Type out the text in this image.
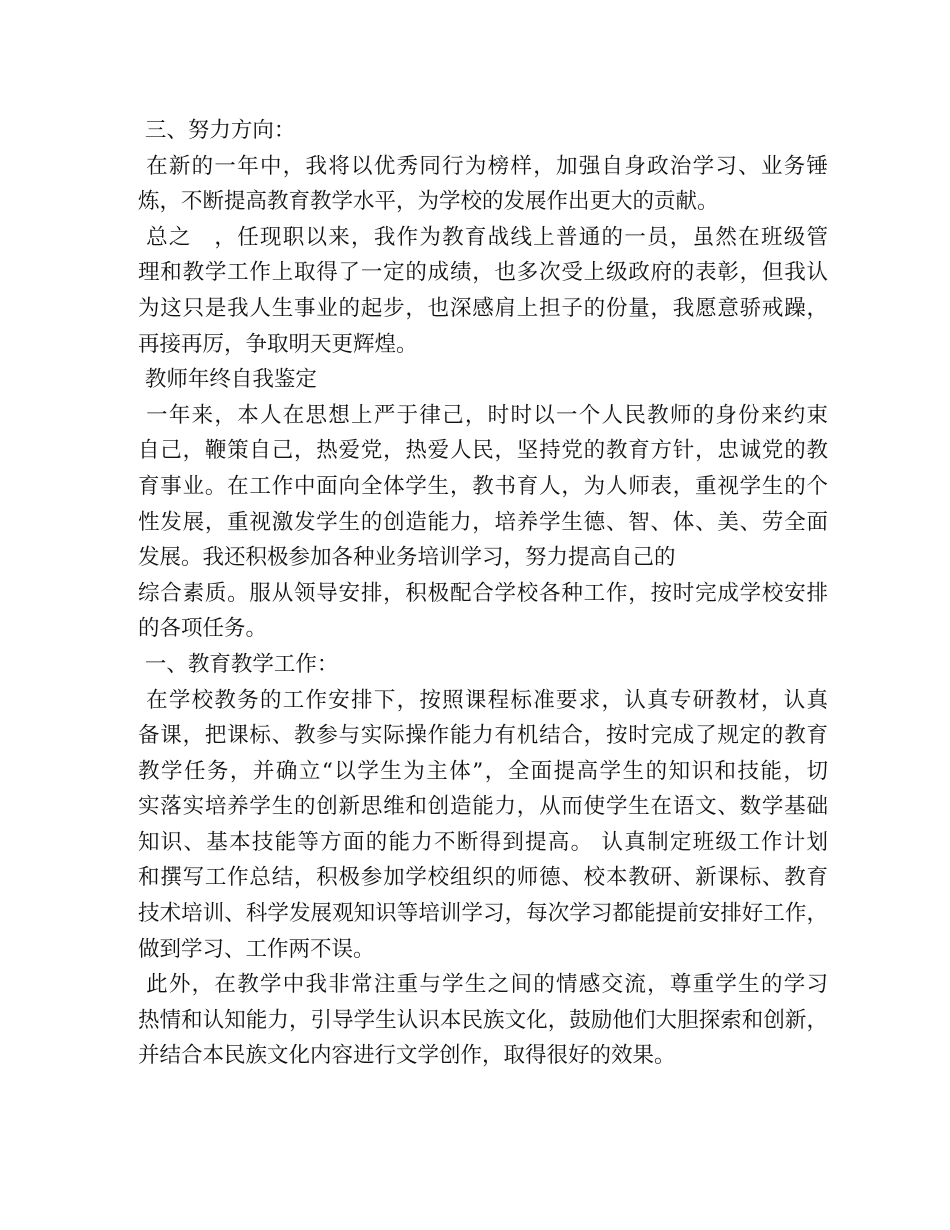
三、努力方向：
在新的一年中，我将以优秀同行为榜样，加强自身政治学习、业务锤
炼，不断提高教育教学水平，为学校的发展作出更大的贡献。
总之　，任现职以来，我作为教育战线上普通的一员，虽然在班级管
理和教学工作上取得了一定的成绩，也多次受上级政府的表彰，但我认
为这只是我人生事业的起步，也深感肩上担子的份量，我愿意骄戒躁，
再接再厉，争取明天更辉煌。
教师年终自我鉴定
一年来，本人在思想上严于律己，时时以一个人民教师的身份来约束
自己，鞭策自己，热爱党，热爱人民，坚持党的教育方针，忠诚党的教
育事业。在工作中面向全体学生，教书育人，为人师表，重视学生的个
性发展，重视激发学生的创造能力，培养学生德、智、体、美、劳全面
发展。我还积极参加各种业务培训学习，努力提高自己的
综合素质。服从领导安排，积极配合学校各种工作，按时完成学校安排
的各项任务。
一、教育教学工作：
在学校教务的工作安排下，按照课程标准要求，认真专研教材，认真
备课，把课标、教参与实际操作能力有机结合，按时完成了规定的教育
教学任务，并确立“以学生为主体”，全面提高学生的知识和技能，切
实落实培养学生的创新思维和创造能力，从而使学生在语文、数学基础
知识、基本技能等方面的能力不断得到提高。 认真制定班级工作计划
和撰写工作总结，积极参加学校组织的师德、校本教研、新课标、教育
技术培训、科学发展观知识等培训学习，每次学习都能提前安排好工作，
做到学习、工作两不误。
此外，在教学中我非常注重与学生之间的情感交流，尊重学生的学习
热情和认知能力，引导学生认识本民族文化，鼓励他们大胆探索和创新，
并结合本民族文化内容进行文学创作，取得很好的效果。
